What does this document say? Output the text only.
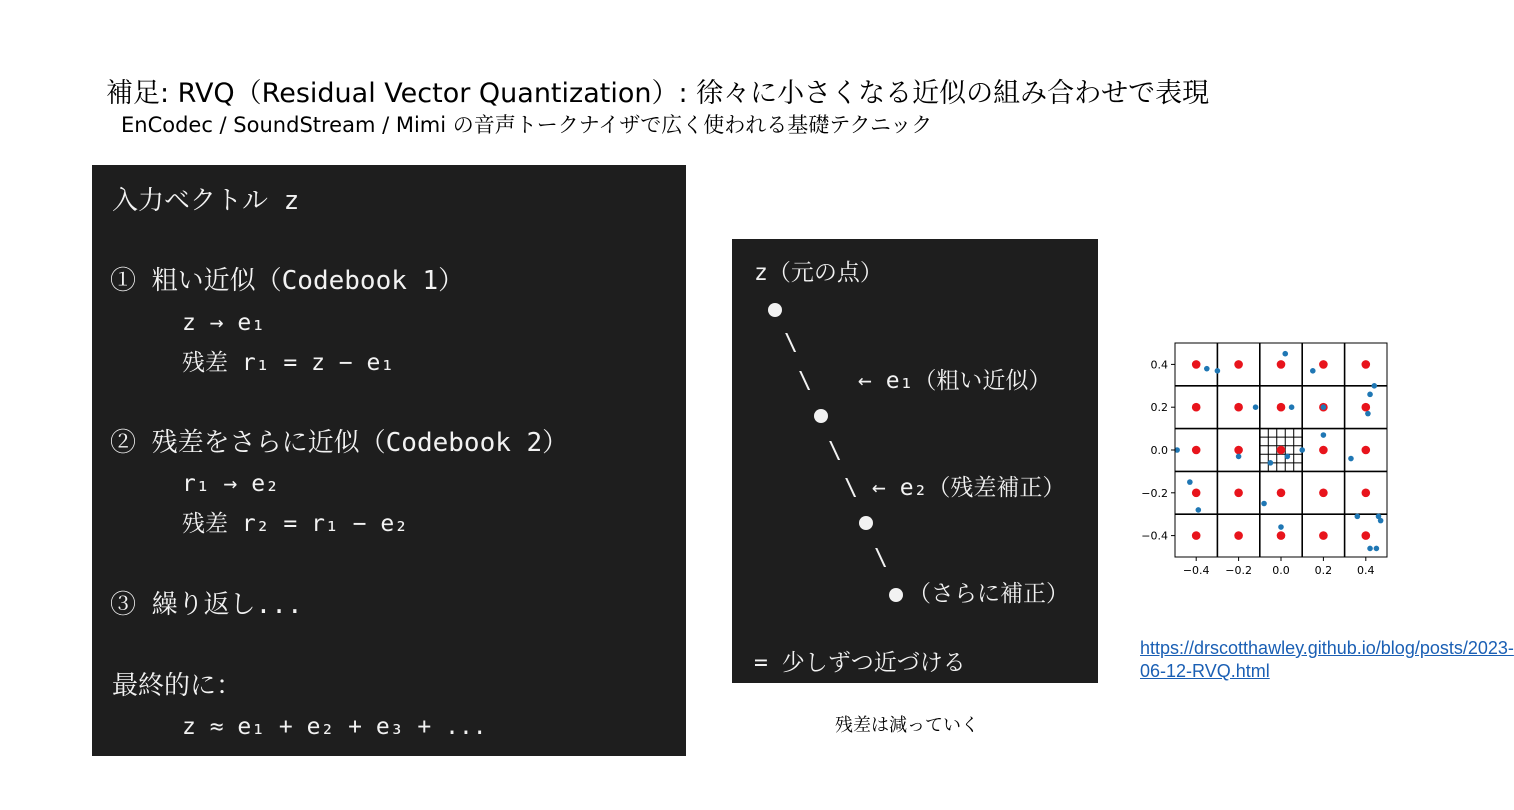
補足: RVQ（Residual Vector Quantization）: 徐々に小さくなる近似の組み合わせで表現
EnCodec / SoundStream / Mimi の音声トークナイザで広く使われる基礎テクニック
入力ベクトル z
① 粗い近似（Codebook 1）
z → e₁
残差 r₁ = z − e₁
② 残差をさらに近似（Codebook 2）
r₁ → e₂
残差 r₂ = r₁ − e₂
③ 繰り返し...
最終的に：
z ≈ e₁ + e₂ + e₃ + ...
z（元の点）
\
\ ← e₁（粗い近似）
\
\ ← e₂（残差補正）
\
（さらに補正）
= 少しずつ近づける
残差は減っていく
−0.4 −0.2 0.0 0.2 0.4
−0.4
−0.2
0.0
0.2
0.4
https://drscotthawley.github.io/blog/posts/2023-06-12-RVQ.html
